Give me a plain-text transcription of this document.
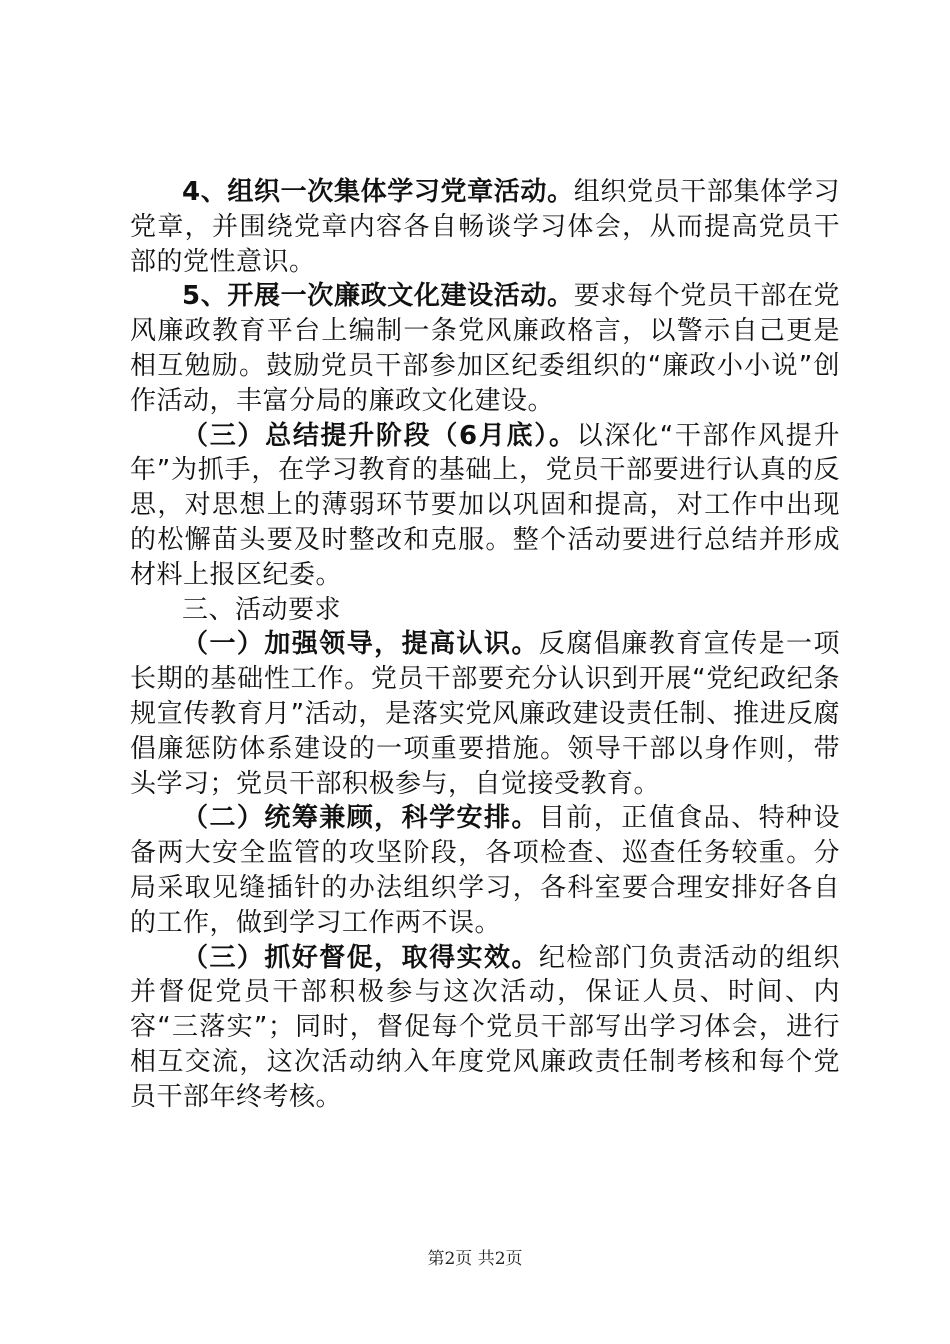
4、组织一次集体学习党章活动。组织党员干部集体学习党章，并围绕党章内容各自畅谈学习体会，从而提高党员干部的党性意识。

5、开展一次廉政文化建设活动。要求每个党员干部在党风廉政教育平台上编制一条党风廉政格言，以警示自己更是相互勉励。鼓励党员干部参加区纪委组织的“廉政小小说”创作活动，丰富分局的廉政文化建设。

（三）总结提升阶段（6月底）。以深化“干部作风提升年”为抓手，在学习教育的基础上，党员干部要进行认真的反思，对思想上的薄弱环节要加以巩固和提高，对工作中出现的松懈苗头要及时整改和克服。整个活动要进行总结并形成材料上报区纪委。

三、活动要求

（一）加强领导，提高认识。反腐倡廉教育宣传是一项长期的基础性工作。党员干部要充分认识到开展“党纪政纪条规宣传教育月”活动，是落实党风廉政建设责任制、推进反腐倡廉惩防体系建设的一项重要措施。领导干部以身作则，带头学习；党员干部积极参与，自觉接受教育。

（二）统筹兼顾，科学安排。目前，正值食品、特种设备两大安全监管的攻坚阶段，各项检查、巡查任务较重。分局采取见缝插针的办法组织学习，各科室要合理安排好各自的工作，做到学习工作两不误。

（三）抓好督促，取得实效。纪检部门负责活动的组织并督促党员干部积极参与这次活动，保证人员、时间、内容“三落实”；同时，督促每个党员干部写出学习体会，进行相互交流，这次活动纳入年度党风廉政责任制考核和每个党员干部年终考核。

第2页 共2页
